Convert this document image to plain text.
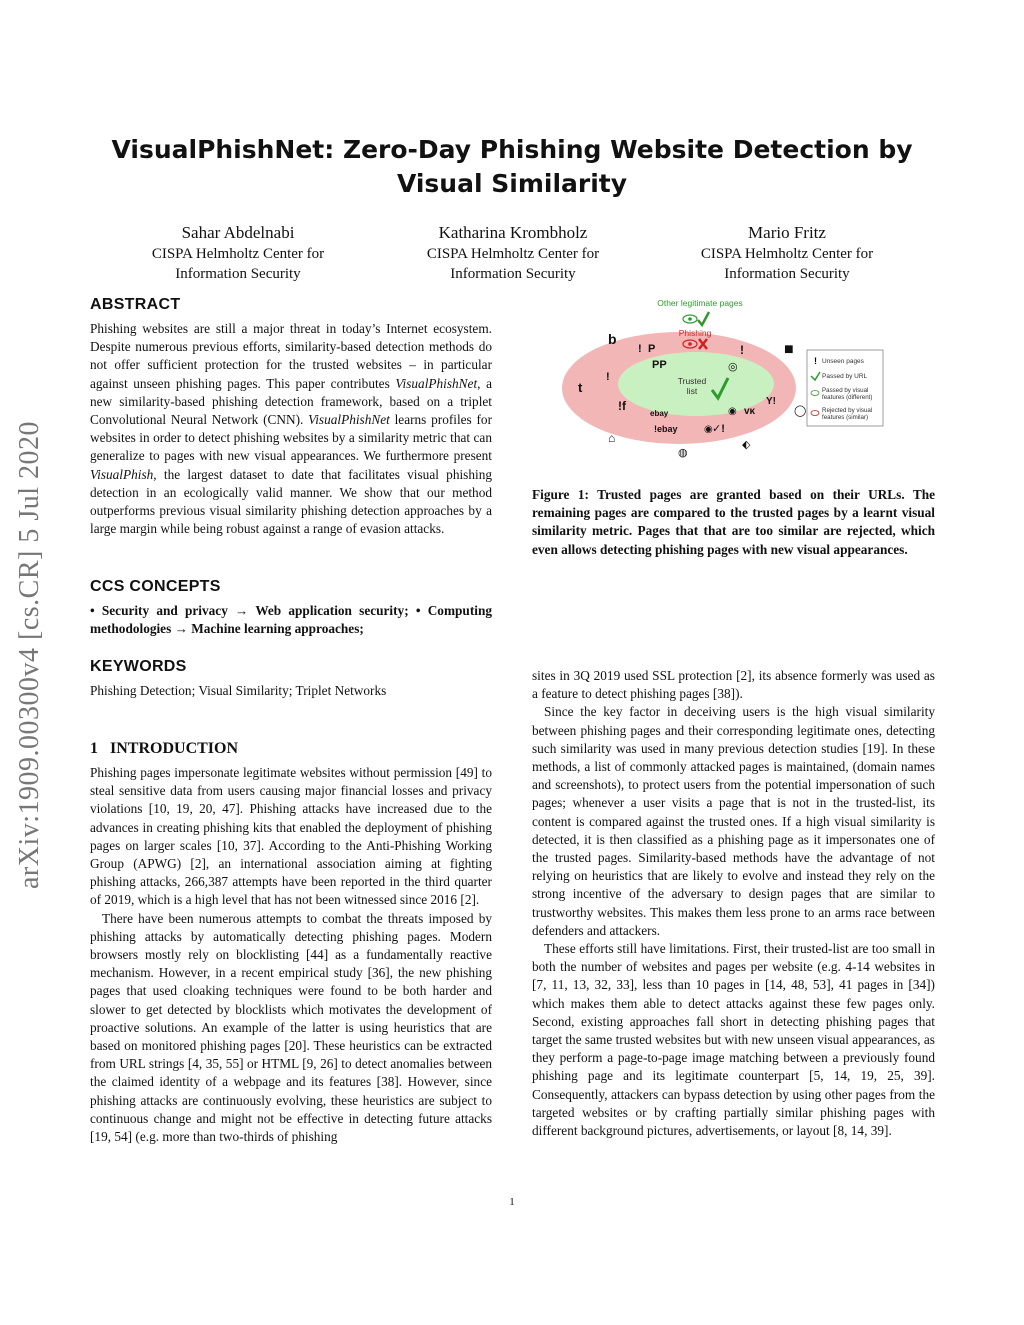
arXiv:1909.00300v4 [cs.CR] 5 Jul 2020
VisualPhishNet: Zero-Day Phishing Website Detection by Visual Similarity
Sahar Abdelnabi
CISPA Helmholtz Center for
Information Security
Katharina Krombholz
CISPA Helmholtz Center for
Information Security
Mario Fritz
CISPA Helmholtz Center for
Information Security
ABSTRACT

Phishing websites are still a major threat in today’s Internet ecosystem. Despite numerous previous efforts, similarity-based detection methods do not offer sufficient protection for the trusted websites – in particular against unseen phishing pages. This paper contributes VisualPhishNet, a new similarity-based phishing detection framework, based on a triplet Convolutional Neural Network (CNN). VisualPhishNet learns profiles for websites in order to detect phishing websites by a similarity metric that can generalize to pages with new visual appearances. We furthermore present VisualPhish, the largest dataset to date that facilitates visual phishing detection in an ecologically valid manner. We show that our method outperforms previous visual similarity phishing detection approaches by a large margin while being robust against a range of evasion attacks.

CCS CONCEPTS

• Security and privacy → Web application security; • Computing methodologies → Machine learning approaches;

KEYWORDS

Phishing Detection; Visual Similarity; Triplet Networks

1 INTRODUCTION

Phishing pages impersonate legitimate websites without permission [49] to steal sensitive data from users causing major financial losses and privacy violations [10, 19, 20, 47]. Phishing attacks have increased due to the advances in creating phishing kits that enabled the deployment of phishing pages on larger scales [10, 37]. According to the Anti-Phishing Working Group (APWG) [2], an international association aiming at fighting phishing attacks, 266,387 attempts have been reported in the third quarter of 2019, which is a high level that has not been witnessed since 2016 [2].

There have been numerous attempts to combat the threats imposed by phishing attacks by automatically detecting phishing pages. Modern browsers mostly rely on blocklisting [44] as a fundamentally reactive mechanism. However, in a recent empirical study [36], the new phishing pages that used cloaking techniques were found to be both harder and slower to get detected by blocklists which motivates the development of proactive solutions. An example of the latter is using heuristics that are based on monitored phishing pages [20]. These heuristics can be extracted from URL strings [4, 35, 55] or HTML [9, 26] to detect anomalies between the claimed identity of a webpage and its features [38]. However, since phishing attacks are continuously evolving, these heuristics are subject to continuous change and might not be effective in detecting future attacks [19, 54] (e.g. more than two-thirds of phishing

Other legitimate pages
Phishing
Trusted
list
b
! P	!	■
t
!
PP
!f
ebay
◎
◉ ᴠᴋ
Y!
!ebay	◉ ✓!
⌂
◍
⬖
◯
! Unseen pages
Passed by URL
Passed by visual
features (different)
Rejected by visual
features (similar)
Figure 1: Trusted pages are granted based on their URLs. The remaining pages are compared to the trusted pages by a learnt visual similarity metric. Pages that that are too similar are rejected, which even allows detecting phishing pages with new visual appearances.

sites in 3Q 2019 used SSL protection [2], its absence formerly was used as a feature to detect phishing pages [38]).

Since the key factor in deceiving users is the high visual similarity between phishing pages and their corresponding legitimate ones, detecting such similarity was used in many previous detection studies [19]. In these methods, a list of commonly attacked pages is maintained, (domain names and screenshots), to protect users from the potential impersonation of such pages; whenever a user visits a page that is not in the trusted-list, its content is compared against the trusted ones. If a high visual similarity is detected, it is then classified as a phishing page as it impersonates one of the trusted pages. Similarity-based methods have the advantage of not relying on heuristics that are likely to evolve and instead they rely on the strong incentive of the adversary to design pages that are similar to trustworthy websites. This makes them less prone to an arms race between defenders and attackers.

These efforts still have limitations. First, their trusted-list are too small in both the number of websites and pages per website (e.g. 4-14 websites in [7, 11, 13, 32, 33], less than 10 pages in [14, 48, 53], 41 pages in [34]) which makes them able to detect attacks against these few pages only. Second, existing approaches fall short in detecting phishing pages that target the same trusted websites but with new unseen visual appearances, as they perform a page-to-page image matching between a previously found phishing page and its legitimate counterpart [5, 14, 19, 25, 39]. Consequently, attackers can bypass detection by using other pages from the targeted websites or by crafting partially similar phishing pages with different background pictures, advertisements, or layout [8, 14, 39].

1
